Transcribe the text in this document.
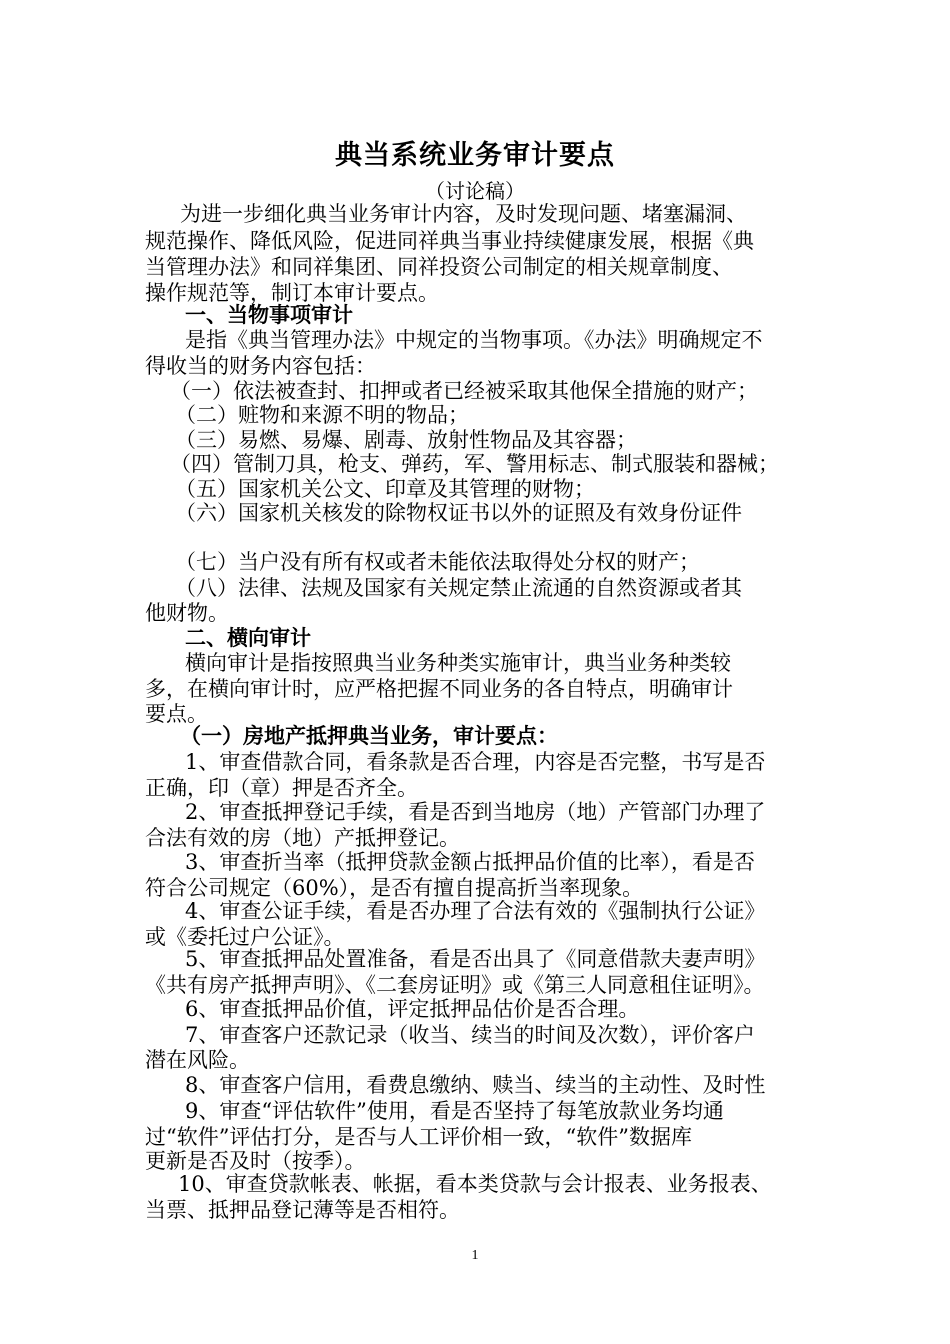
典当系统业务审计要点
（讨论稿）
为进一步细化典当业务审计内容，及时发现问题、堵塞漏洞、
规范操作、降低风险，促进同祥典当事业持续健康发展，根据《典
当管理办法》和同祥集团、同祥投资公司制定的相关规章制度、
操作规范等，制订本审计要点。
一、当物事项审计
是指《典当管理办法》中规定的当物事项。《办法》明确规定不
得收当的财务内容包括：
（一）依法被查封、扣押或者已经被采取其他保全措施的财产；
（二）赃物和来源不明的物品；
（三）易燃、易爆、剧毒、放射性物品及其容器；
（四）管制刀具，枪支、弹药，军、警用标志、制式服装和器械；
（五）国家机关公文、印章及其管理的财物；
（六）国家机关核发的除物权证书以外的证照及有效身份证件
（七）当户没有所有权或者未能依法取得处分权的财产；
（八）法律、法规及国家有关规定禁止流通的自然资源或者其
他财物。
二、横向审计
横向审计是指按照典当业务种类实施审计，典当业务种类较
多，在横向审计时，应严格把握不同业务的各自特点，明确审计
要点。
（一）房地产抵押典当业务，审计要点：
1、审查借款合同，看条款是否合理，内容是否完整，书写是否
正确，印（章）押是否齐全。
2、审查抵押登记手续，看是否到当地房（地）产管部门办理了
合法有效的房（地）产抵押登记。
3、审查折当率（抵押贷款金额占抵押品价值的比率），看是否
符合公司规定（60%），是否有擅自提高折当率现象。
4、审查公证手续，看是否办理了合法有效的《强制执行公证》
或《委托过户公证》。
5、审查抵押品处置准备，看是否出具了《同意借款夫妻声明》
《共有房产抵押声明》、《二套房证明》或《第三人同意租住证明》。
6、审查抵押品价值，评定抵押品估价是否合理。
7、审查客户还款记录（收当、续当的时间及次数），评价客户
潜在风险。
8、审查客户信用，看费息缴纳、赎当、续当的主动性、及时性
9、审查“评估软件”使用，看是否坚持了每笔放款业务均通
过“软件”评估打分，是否与人工评价相一致，“软件”数据库
更新是否及时（按季）。
10、审查贷款帐表、帐据，看本类贷款与会计报表、业务报表、
当票、抵押品登记薄等是否相符。
1
